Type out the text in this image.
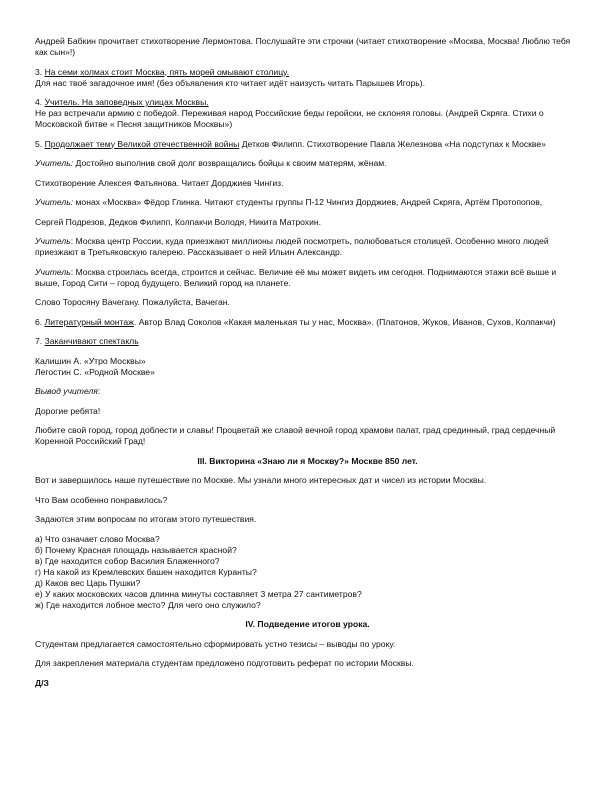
Андрей Бабкин прочитает стихотворение Лермонтова. Послушайте эти строчки (читает стихотворение «Москва, Москва! Люблю тебя как сын»!)

3. На семи холмах стоит Москва, пять морей омывают столицу.

Для нас твоё загадочное имя! (без объявления кто читает идёт наизусть читать Парышев Игорь).

4. Учитель. На заповедных улицах Москвы.

Не раз встречали армию с победой. Переживая народ Российские беды геройски, не склоняя головы. (Андрей Скряга. Стихи о Московской битве « Песня защитников Москвы»)

5. Продолжает тему Великой отечественной войны Детков Филипп. Стихотворение Павла Железнова «На подступах к Москве»

Учитель: Достойно выполнив свой долг возвращались бойцы к своим матерям, жёнам.

Стихотворение Алексея Фатьянова. Читает Дорджиев Чингиз.

Учитель: монах «Москва» Фёдор Глинка. Читают студенты группы П-12 Чингиз Дорджиев, Андрей Скряга, Артём Протопопов,

Сергей Подрезов, Дедков Филипп, Колпакчи Володя, Никита Матрохин.

Учитель: Москва центр России, куда приезжают миллионы людей посмотреть, полюбоваться столицей. Особенно много людей приезжают в Третьяковскую галерею. Рассказывает о ней Ильин Александр.

Учитель: Москва строилась всегда, строится и сейчас. Величие её мы может видеть им сегодня. Поднимаются этажи всё выше и выше, Город Сити – город будущего. Великий город на планете.

Слово Торосяну Вачегану. Пожалуйста, Вачеган.

6. Литературный монтаж. Автор Влад Соколов «Какая маленькая ты у нас, Москва». (Платонов, Жуков, Иванов, Сухов, Колпакчи)

7. Заканчивают спектакль

Калишин А. «Утро Москвы»

Легостин С. «Родной Москве»

Вывод учителя:

Дорогие ребята!

Любите свой город, город доблести и славы! Процветай же славой вечной город храмови палат, град срединный, град сердечный Коренной Российский Град!

III. Викторина «Знаю ли я Москву?» Москве 850 лет.

Вот и завершилось наше путешествие по Москве. Мы узнали много интересных дат и чисел из истории Москвы.

Что Вам особенно понравилось?

Задаются этим вопросам по итогам этого путешествия.

а) Что означает слово Москва?

б) Почему Красная площадь называется красной?

в) Где находится собор Василия Блаженного?

г) На какой из Кремлевских башен находится Куранты?

д) Каков вес Царь Пушки?

е) У каких московских часов длинна минуты составляет 3 метра 27 сантиметров?

ж) Где находится лобное место? Для чего оно служило?

IV. Подведение итогов урока.

Студентам предлагается самостоятельно сформировать устно тезисы – выводы по уроку.

Для закрепления материала студентам предложено подготовить реферат по истории Москвы.

Д/З
